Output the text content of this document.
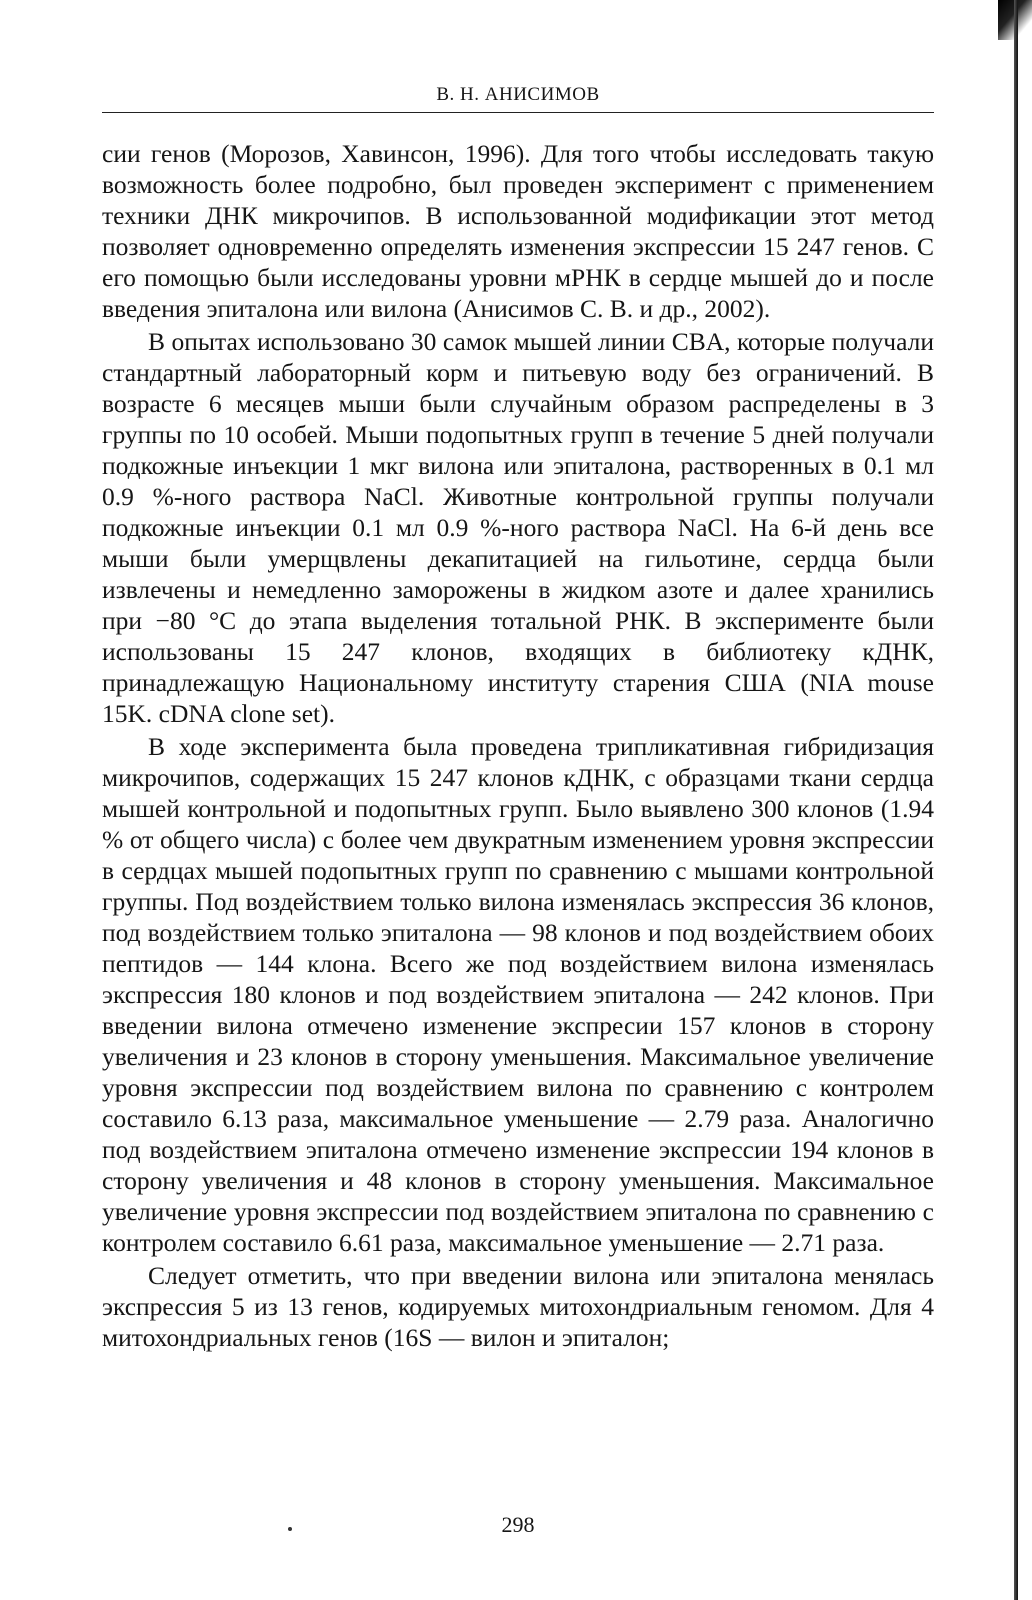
В. Н. АНИСИМОВ

сии генов (Морозов, Хавинсон, 1996). Для того чтобы исследовать такую возможность более подробно, был проведен эксперимент с применением техники ДНК микрочипов. В использованной модификации этот метод позволяет одновременно определять изменения экспрессии 15 247 генов. С его помощью были исследованы уровни мРНК в сердце мышей до и после введения эпиталона или вилона (Анисимов С. В. и др., 2002).

В опытах использовано 30 самок мышей линии CBA, которые получали стандартный лабораторный корм и питьевую воду без ограничений. В возрасте 6 месяцев мыши были случайным образом распределены в 3 группы по 10 особей. Мыши подопытных групп в течение 5 дней получали подкожные инъекции 1 мкг вилона или эпиталона, растворенных в 0.1 мл 0.9 %-ного раствора NaCl. Животные контрольной группы получали подкожные инъекции 0.1 мл 0.9 %-ного раствора NaCl. На 6-й день все мыши были умерщвлены декапитацией на гильотине, сердца были извлечены и немедленно заморожены в жидком азоте и далее хранились при −80 °С до этапа выделения тотальной РНК. В эксперименте были использованы 15 247 клонов, входящих в библиотеку кДНК, принадлежащую Национальному институту старения США (NIA mouse 15K. cDNA clone set).

В ходе эксперимента была проведена трипликативная гибридизация микрочипов, содержащих 15 247 клонов кДНК, с образцами ткани сердца мышей контрольной и подопытных групп. Было выявлено 300 клонов (1.94 % от общего числа) с более чем двукратным изменением уровня экспрессии в сердцах мышей подопытных групп по сравнению с мышами контрольной группы. Под воздействием только вилона изменялась экспрессия 36 клонов, под воздействием только эпиталона — 98 клонов и под воздействием обоих пептидов — 144 клона. Всего же под воздействием вилона изменялась экспрессия 180 клонов и под воздействием эпиталона — 242 клонов. При введении вилона отмечено изменение экспресии 157 клонов в сторону увеличения и 23 клонов в сторону уменьшения. Максимальное увеличение уровня экспрессии под воздействием вилона по сравнению с контролем составило 6.13 раза, максимальное уменьшение — 2.79 раза. Аналогично под воздействием эпиталона отмечено изменение экспрессии 194 клонов в сторону увеличения и 48 клонов в сторону уменьшения. Максимальное увеличение уровня экспрессии под воздействием эпиталона по сравнению с контролем составило 6.61 раза, максимальное уменьшение — 2.71 раза.

Следует отметить, что при введении вилона или эпиталона менялась экспрессия 5 из 13 генов, кодируемых митохондриальным геномом. Для 4 митохондриальных генов (16S — вилон и эпиталон;

298
